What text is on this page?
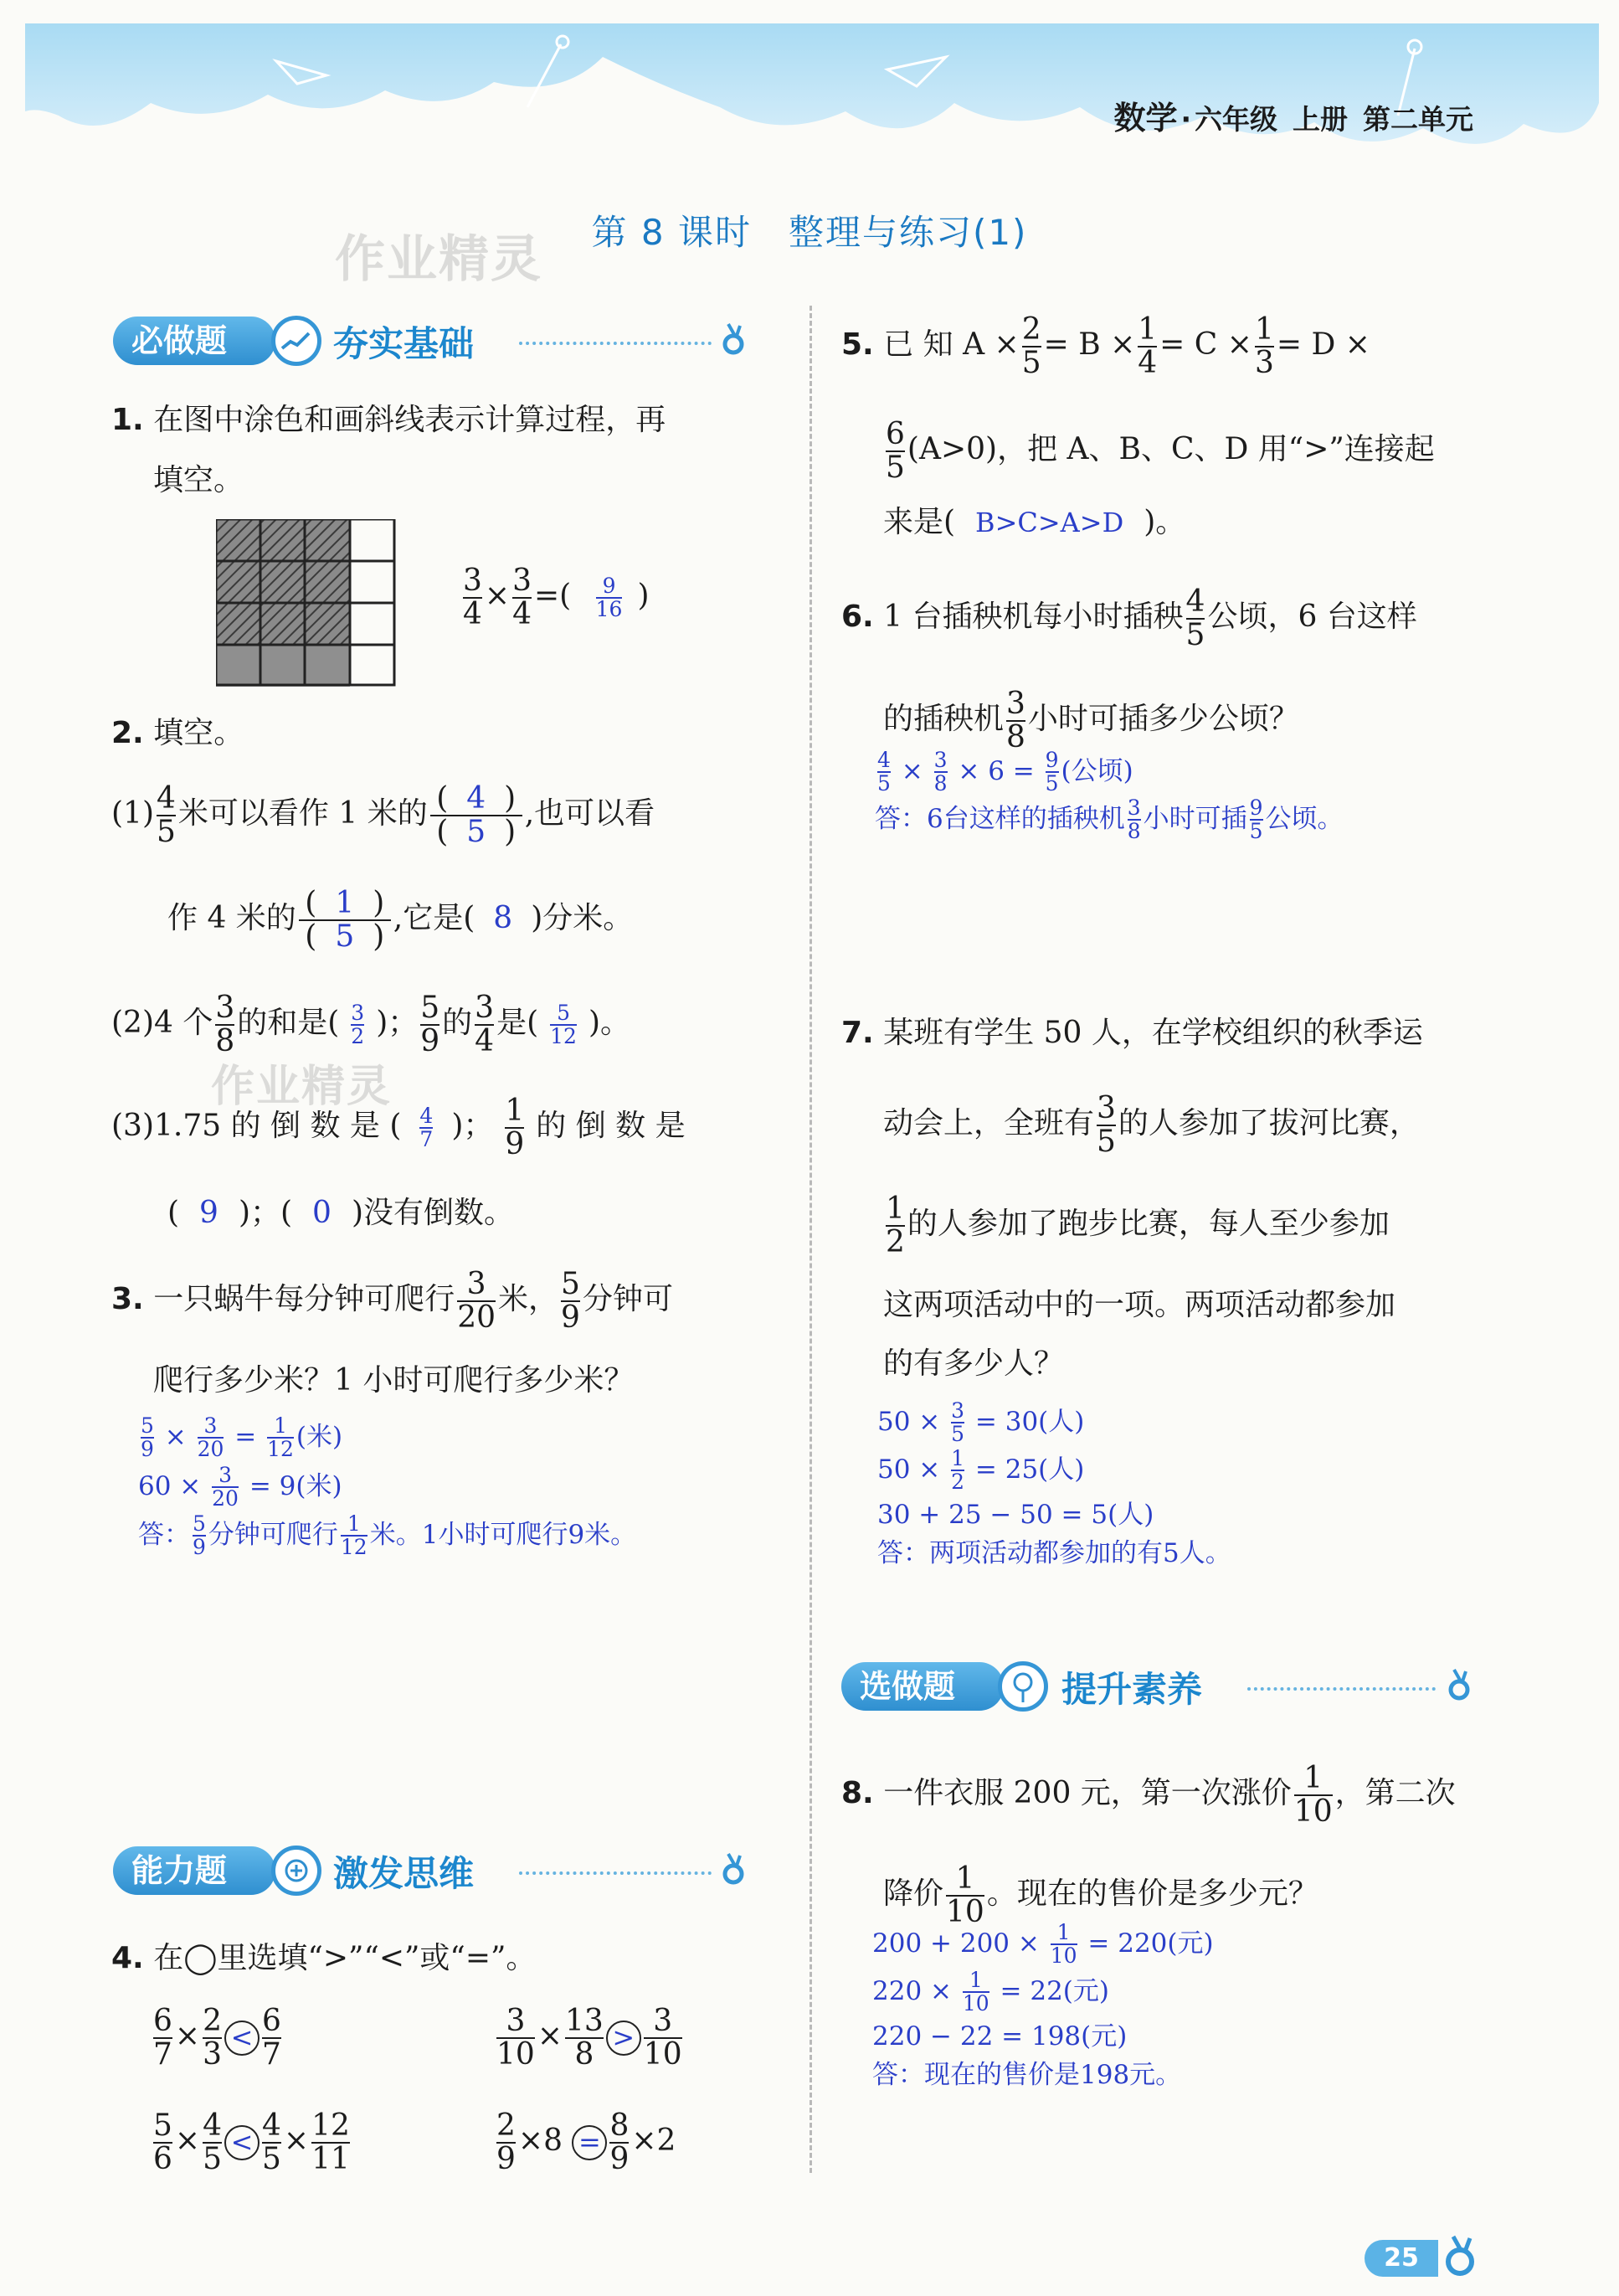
数学 · 六年级 上册 第二单元
第 8 课时　整理与练习(1)
作业精灵
作业精灵
必做题	夯实基础
1. 在图中涂色和画斜线表示计算过程，再
填空。
$\frac{3}{4} \times \frac{3}{4}$ =( $\frac{9}{16}$ )
2. 填空。
$(1) \frac{4}{5}$ 米可以看作 1 米的 $\frac{( 4 )}{( 5 )}$ ,也可以看
作 4 米的 $\frac{( 1 )}{( 5 )}$ ,它是( 8 )分米。
(2)4 个 $\frac{3}{8}$ 的和是( $\frac{3}{2}$ )； $\frac{5}{9}$ 的 $\frac{3}{4}$ 是( $\frac{5}{12}$ )。
(3)1.75 的 倒 数 是 ( $\frac{4}{7}$ )； $\frac{1}{9}$ 的 倒 数 是
( 9 )；( 0 )没有倒数。
3. 一只蜗牛每分钟可爬行 $\frac{3}{20}$ 米， $\frac{5}{9}$ 分钟可
爬行多少米？1 小时可爬行多少米？
$\frac{5}{9} \times \frac{3}{20} = \frac{1}{12}$ (米)
$60 \times \frac{3}{20} = 9$(米)
答： $\frac{5}{9}$ 分钟可爬行 $\frac{1}{12}$ 米。1小时可爬行9米。
能力题	激发思维
4. 在◯里选填“>”“<”或“=”。
$\frac{6}{7} \times \frac{2}{3} < \frac{6}{7}$	$\frac{3}{10} \times \frac{13}{8} > \frac{3}{10}$
$\frac{5}{6} \times \frac{4}{5} < \frac{4}{5} \times \frac{12}{11}$	$\frac{2}{9} \times 8 = \frac{8}{9} \times 2$
5. 已 知 $A \times \frac{2}{5} = B \times \frac{1}{4} = C \times \frac{1}{3} = D$ ×
$\frac{6}{5} (A>0)$，把 A、B、C、D 用“>”连接起
来是( B>C>A>D )。
6. 1 台插秧机每小时插秧 $\frac{4}{5}$ 公顷，6 台这样
的插秧机 $\frac{3}{8}$ 小时可插多少公顷？
$\frac{4}{5} \times \frac{3}{8} \times 6 = \frac{9}{5}$ (公顷)
答：6台这样的插秧机 $\frac{3}{8}$ 小时可插 $\frac{9}{5}$ 公顷。
7. 某班有学生 50 人，在学校组织的秋季运
动会上，全班有 $\frac{3}{5}$ 的人参加了拔河比赛，
$\frac{1}{2}$ 的人参加了跑步比赛，每人至少参加
这两项活动中的一项。两项活动都参加
的有多少人？
$50 \times \frac{3}{5} = 30$(人)
$50 \times \frac{1}{2} = 25$(人)
30 + 25 − 50 = 5(人)
答：两项活动都参加的有5人。
选做题	提升素养
8. 一件衣服 200 元，第一次涨价 $\frac{1}{10}$ ，第二次
降价 $\frac{1}{10}$ 。现在的售价是多少元？
$200 + 200 \times \frac{1}{10} = 220$(元)
$220 \times \frac{1}{10} = 22$(元)
220 − 22 = 198(元)
答：现在的售价是198元。
25
